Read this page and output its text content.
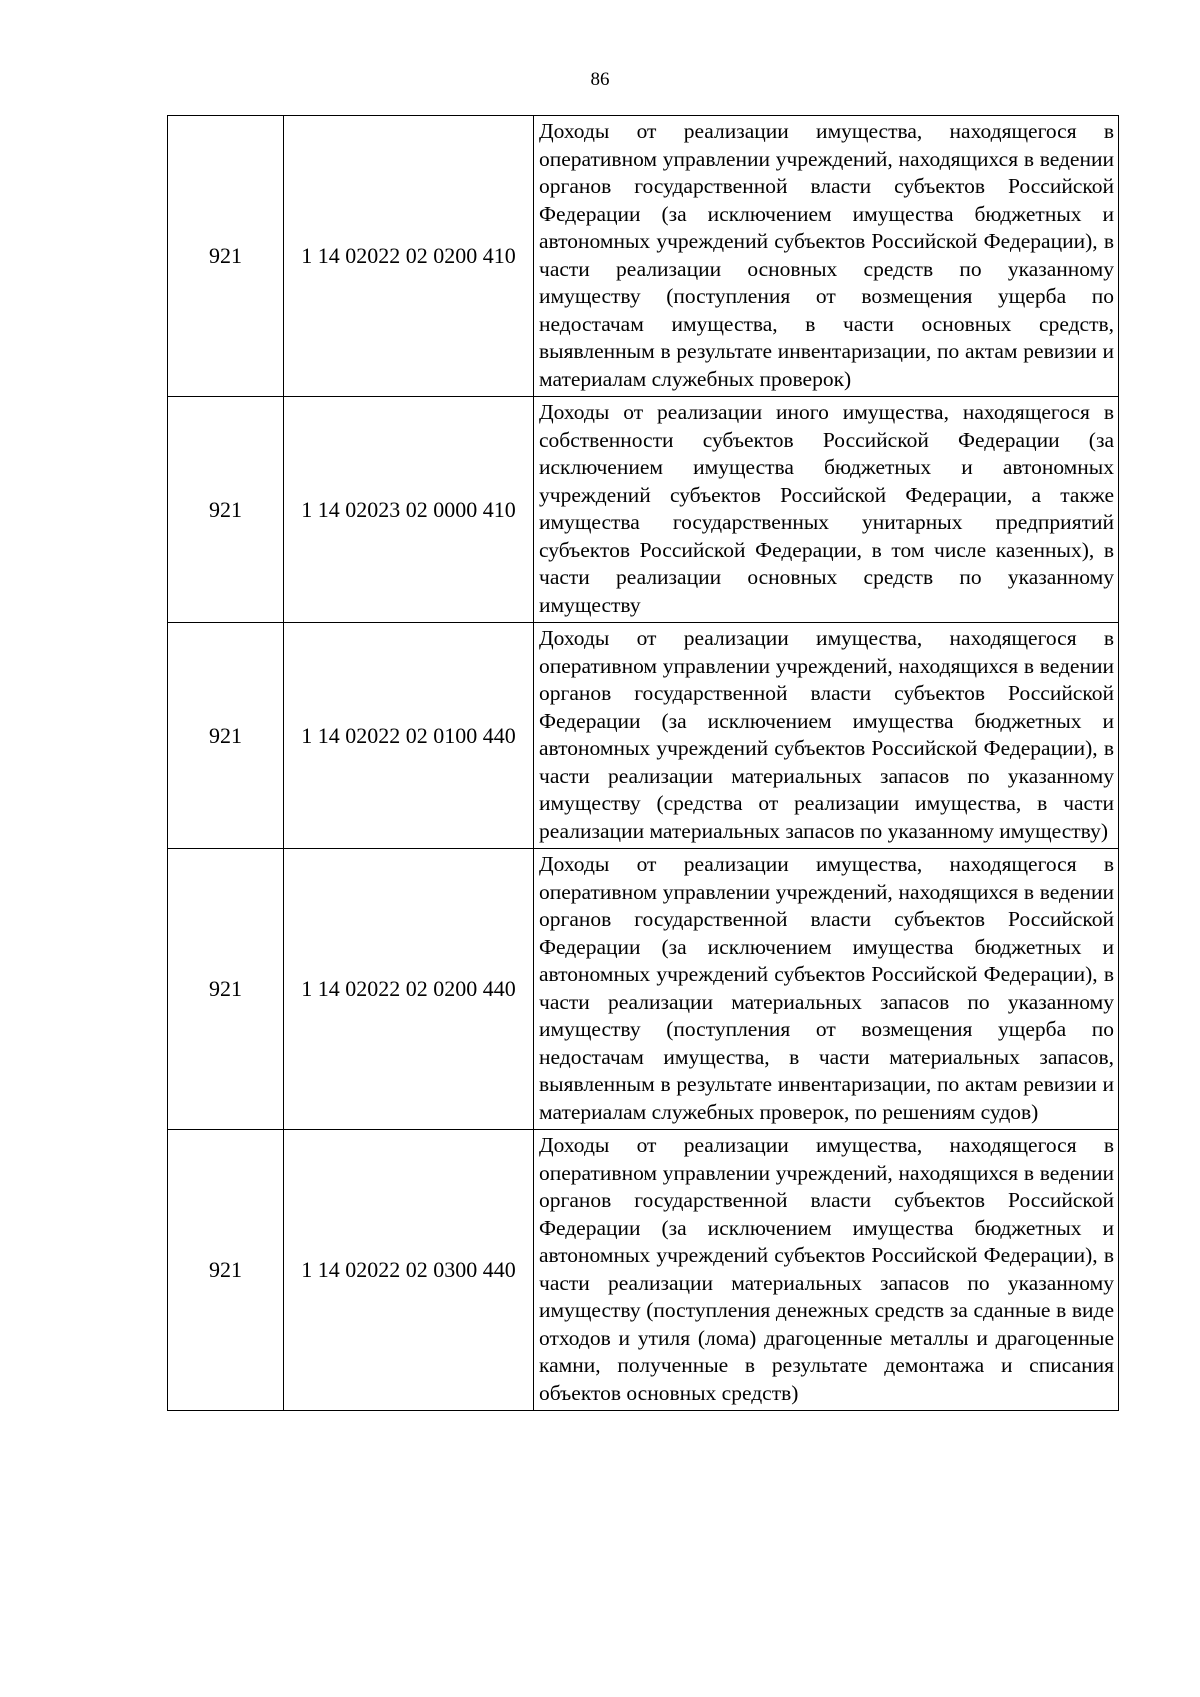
86
921	1 14 02022 02 0200 410	Доходы от реализации имущества, находящегося в оперативном управлении учреждений, находящихся в ведении органов государственной власти субъектов Российской Федерации (за исключением имущества бюджетных и автономных учреждений субъектов Российской Федерации), в части реализации основных средств по указанному имуществу (поступления от возмещения ущерба по недостачам имущества, в части основных средств, выявленным в результате инвентаризации, по актам ревизии и материалам служебных проверок)
921	1 14 02023 02 0000 410	Доходы от реализации иного имущества, находящегося в собственности субъектов Российской Федерации (за исключением имущества бюджетных и автономных учреждений субъектов Российской Федерации, а также имущества государственных унитарных предприятий субъектов Российской Федерации, в том числе казенных), в части реализации основных средств по указанному имуществу
921	1 14 02022 02 0100 440	Доходы от реализации имущества, находящегося в оперативном управлении учреждений, находящихся в ведении органов государственной власти субъектов Российской Федерации (за исключением имущества бюджетных и автономных учреждений субъектов Российской Федерации), в части реализации материальных запасов по указанному имуществу (средства от реализации имущества, в части реализации материальных запасов по указанному имуществу)
921	1 14 02022 02 0200 440	Доходы от реализации имущества, находящегося в оперативном управлении учреждений, находящихся в ведении органов государственной власти субъектов Российской Федерации (за исключением имущества бюджетных и автономных учреждений субъектов Российской Федерации), в части реализации материальных запасов по указанному имуществу (поступления от возмещения ущерба по недостачам имущества, в части материальных запасов, выявленным в результате инвентаризации, по актам ревизии и материалам служебных проверок, по решениям судов)
921	1 14 02022 02 0300 440	Доходы от реализации имущества, находящегося в оперативном управлении учреждений, находящихся в ведении органов государственной власти субъектов Российской Федерации (за исключением имущества бюджетных и автономных учреждений субъектов Российской Федерации), в части реализации материальных запасов по указанному имуществу (поступления денежных средств за сданные в виде отходов и утиля (лома) драгоценные металлы и драгоценные камни, полученные в результате демонтажа и списания объектов основных средств)
